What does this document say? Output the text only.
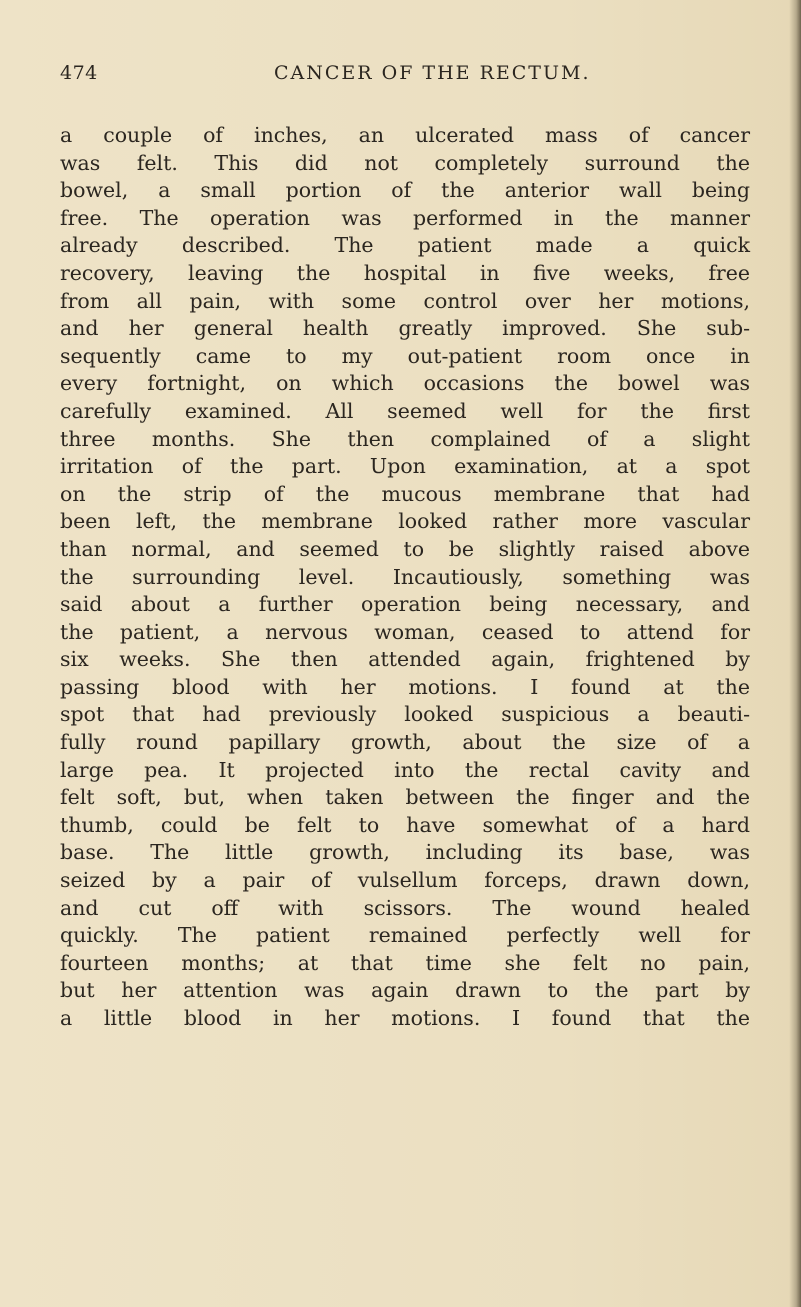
474	CANCER OF THE RECTUM.
a couple of inches, an ulcerated mass of cancer
was felt. This did not completely surround the
bowel, a small portion of the anterior wall being
free. The operation was performed in the manner
already described. The patient made a quick
recovery, leaving the hospital in five weeks, free
from all pain, with some control over her motions,
and her general health greatly improved. She sub-
sequently came to my out-patient room once in
every fortnight, on which occasions the bowel was
carefully examined. All seemed well for the first
three months. She then complained of a slight
irritation of the part. Upon examination, at a spot
on the strip of the mucous membrane that had
been left, the membrane looked rather more vascular
than normal, and seemed to be slightly raised above
the surrounding level. Incautiously, something was
said about a further operation being necessary, and
the patient, a nervous woman, ceased to attend for
six weeks. She then attended again, frightened by
passing blood with her motions. I found at the
spot that had previously looked suspicious a beauti-
fully round papillary growth, about the size of a
large pea. It projected into the rectal cavity and
felt soft, but, when taken between the finger and the
thumb, could be felt to have somewhat of a hard
base. The little growth, including its base, was
seized by a pair of vulsellum forceps, drawn down,
and cut off with scissors. The wound healed
quickly. The patient remained perfectly well for
fourteen months; at that time she felt no pain,
but her attention was again drawn to the part by
a little blood in her motions. I found that the
